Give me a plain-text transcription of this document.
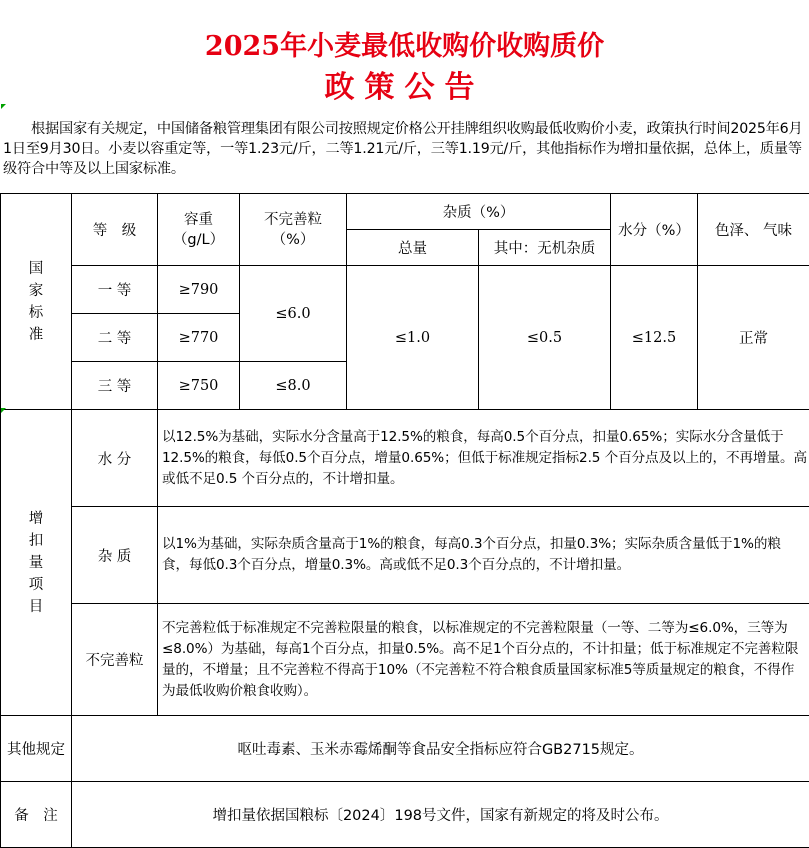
2025年小麦最低收购价收购质价
政策公告
根据国家有关规定，中国储备粮管理集团有限公司按照规定价格公开挂牌组织收购最低收购价小麦，政策执行时间2025年6月1日至9月30日。小麦以容重定等，一等1.23元/斤，二等1.21元/斤，三等1.19元/斤，其他指标作为增扣量依据，总体上，质量等级符合中等及以上国家标准。
国家标准	等　级	容重（g/L）	不完善粒（%）	杂质（%）		水分（%）	色泽、 气味
				总量	其中：无机杂质		
	一 等	≥790	≤6.0	≤1.0	≤0.5	≤12.5	正常
	二 等	≥770					
	三 等	≥750	≤8.0				

增扣量项目	水 分	以12.5%为基础，实际水分含量高于12.5%的粮食，每高0.5个百分点，扣量0.65%；实际水分含量低于12.5%的粮食，每低0.5个百分点，增量0.65%；但低于标准规定指标2.5 个百分点及以上的，不再增量。高或低不足0.5 个百分点的，不计增扣量。					
	杂 质	以1%为基础，实际杂质含量高于1%的粮食，每高0.3个百分点，扣量0.3%；实际杂质含量低于1%的粮食，每低0.3个百分点，增量0.3%。高或低不足0.3个百分点的，不计增扣量。					
	不完善粒	不完善粒低于标准规定不完善粒限量的粮食，以标准规定的不完善粒限量（一等、二等为≤6.0%，三等为≤8.0%）为基础，每高1个百分点，扣量0.5%。高不足1个百分点的，不计扣量；低于标准规定不完善粒限量的，不增量；且不完善粒不得高于10%（不完善粒不符合粮食质量国家标准5等质量规定的粮食，不得作为最低收购价粮食收购）。					
其他规定	呕吐毒素、玉米赤霉烯酮等食品安全指标应符合GB2715规定。						
备　注	增扣量依据国粮标〔2024〕198号文件，国家有新规定的将及时公布。						
